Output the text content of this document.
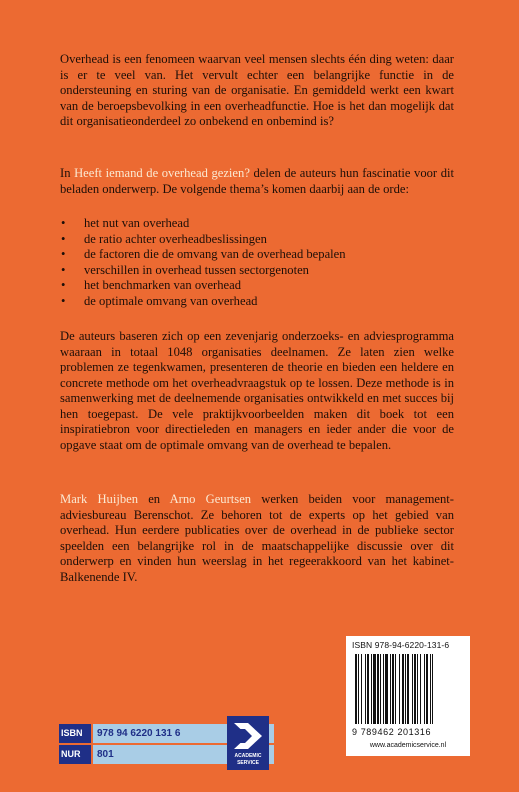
Overhead is een fenomeen waarvan veel mensen slechts één ding weten: daar is er te veel van. Het vervult echter een belangrijke functie in de ondersteuning en sturing van de organisatie. En gemiddeld werkt een kwart van de beroepsbevolking in een overheadfunctie. Hoe is het dan mogelijk dat dit organisatieonderdeel zo onbekend en onbemind is?

In Heeft iemand de overhead gezien? delen de auteurs hun fascinatie voor dit beladen onderwerp. De volgende thema’s komen daarbij aan de orde:

• het nut van overhead
• de ratio achter overheadbeslissingen
• de factoren die de omvang van de overhead bepalen
• verschillen in overhead tussen sectorgenoten
• het benchmarken van overhead
• de optimale omvang van overhead

De auteurs baseren zich op een zevenjarig onderzoeks- en adviesprogramma waaraan in totaal 1048 organisaties deelnamen. Ze laten zien welke problemen ze tegenkwamen, presenteren de theorie en bieden een heldere en concrete methode om het overheadvraagstuk op te lossen. Deze methode is in samenwerking met de deelnemende organisaties ontwikkeld en met succes bij hen toegepast. De vele praktijkvoorbeelden maken dit boek tot een inspiratiebron voor directieleden en managers en ieder ander die voor de opgave staat om de optimale omvang van de overhead te bepalen.

Mark Huijben en Arno Geurtsen werken beiden voor management-adviesbureau Berenschot. Ze behoren tot de experts op het gebied van overhead. Hun eerdere publicaties over de overhead in de publieke sector speelden een belangrijke rol in de maatschappelijke discussie over dit onderwerp en vinden hun weerslag in het regeerakkoord van het kabinet-Balkenende IV.

ISBN 978-94-6220-131-6
9 789462 201316
www.academicservice.nl
ISBN	978 94 6220 131 6
NUR	801	ACADEMIC
SERVICE
